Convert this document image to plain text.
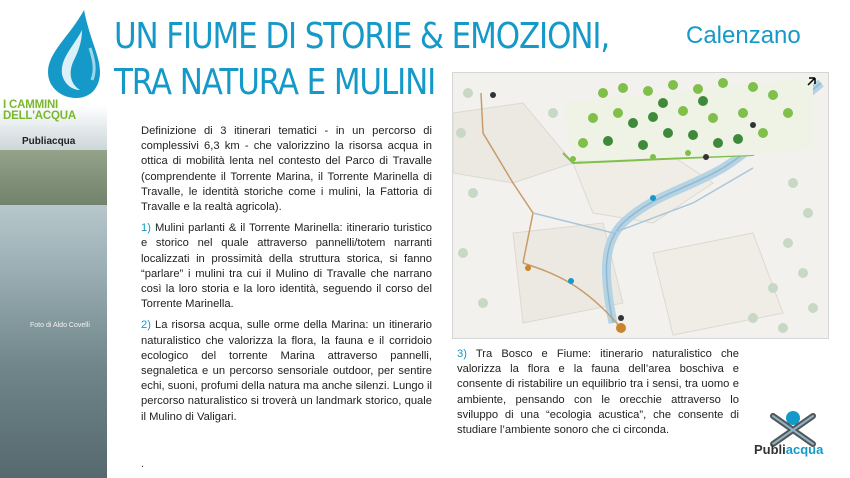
Foto di Aldo Covelli
I CAMMINI
DELL'ACQUA
Publiacqua
UN FIUME DI STORIE & EMOZIONI,
TRA NATURA E MULINI
Calenzano

Definizione di 3 itinerari tematici - in un percorso di complessivi 6,3 km - che valorizzino la risorsa acqua in ottica di mobilità lenta nel contesto del Parco di Travalle (comprendente il Torrente Marina, il Torrente Marinella di Travalle, le identità storiche come i mulini, la Fattoria di Travalle e la realtà agricola).

1) Mulini parlanti & il Torrente Marinella: itinerario turistico e storico nel quale attraverso pannelli/totem narranti localizzati in prossimità della struttura storica, si fanno “parlare” i mulini tra cui il Mulino di Travalle che narrano così la loro storia e la loro identità, seguendo il corso del Torrente Marinella.

2) La risorsa acqua, sulle orme della Marina: un itinerario naturalistico che valorizza la flora, la fauna e il corridoio ecologico del torrente Marina attraverso pannelli, segnaletica e un percorso sensoriale outdoor, per sentire echi, suoni, profumi della natura ma anche silenzi. Lungo il percorso naturalistico si troverà un landmark storico, quale il Mulino di Valigari.

.
3) Tra Bosco e Fiume: itinerario naturalistico che valorizza la flora e la fauna dell’area boschiva e consente di ristabilire un equilibrio tra i sensi, tra uomo e ambiente, pensando con le orecchie attraverso lo sviluppo di una “ecologia acustica”, che consente di studiare l’ambiente sonoro che ci circonda.
Publiacqua
